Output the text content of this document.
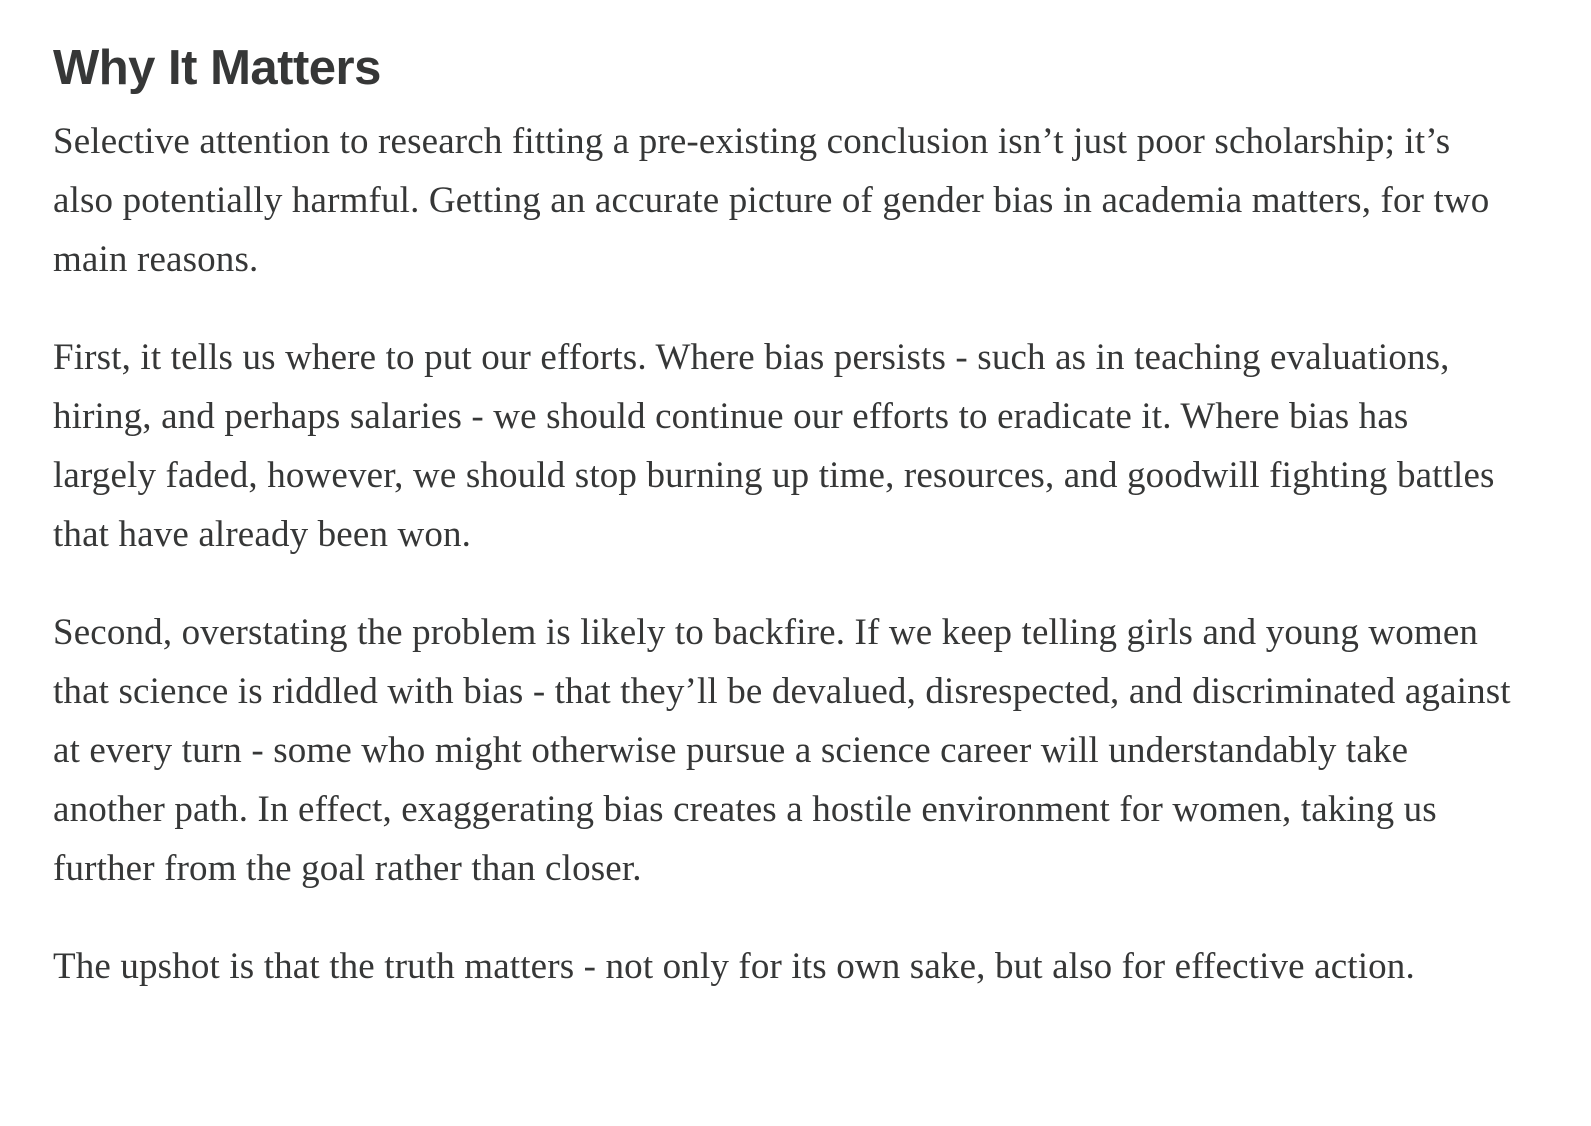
Why It Matters

Selective attention to research fitting a pre-existing conclusion isn’t just poor scholarship; it’s also potentially harmful. Getting an accurate picture of gender bias in academia matters, for two main reasons.

First, it tells us where to put our efforts. Where bias persists - such as in teaching evaluations, hiring, and perhaps salaries - we should continue our efforts to eradicate it. Where bias has largely faded, however, we should stop burning up time, resources, and goodwill fighting battles that have already been won.

Second, overstating the problem is likely to backfire. If we keep telling girls and young women that science is riddled with bias - that they’ll be devalued, disrespected, and discriminated against at every turn - some who might otherwise pursue a science career will understandably take another path. In effect, exaggerating bias creates a hostile environment for women, taking us further from the goal rather than closer.

The upshot is that the truth matters - not only for its own sake, but also for effective action.
